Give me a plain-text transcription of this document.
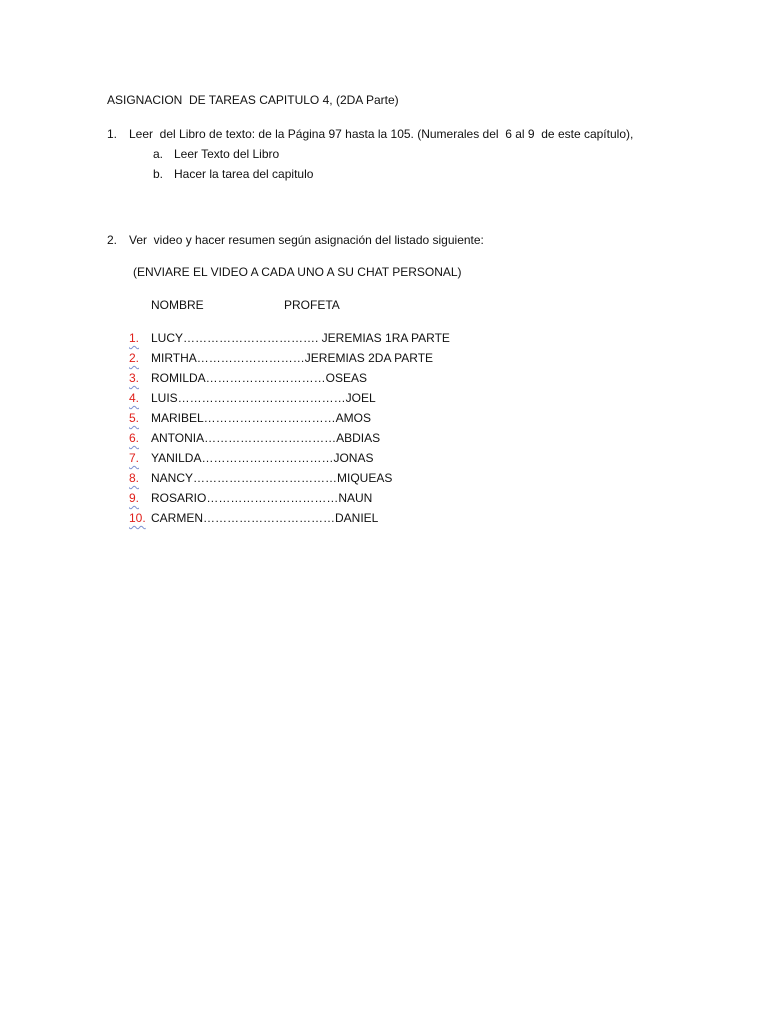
ASIGNACION  DE TAREAS CAPITULO 4, (2DA Parte)
1. Leer  del Libro de texto: de la Página 97 hasta la 105. (Numerales del  6 al 9  de este capítulo),
a. Leer Texto del Libro
b. Hacer la tarea del capitulo
2. Ver  video y hacer resumen según asignación del listado siguiente:
(ENVIARE EL VIDEO A CADA UNO A SU CHAT PERSONAL)
NOMBRE	PROFETA
1. LUCY……………………………. JEREMIAS 1RA PARTE
2. MIRTHA………………………JEREMIAS 2DA PARTE
3. ROMILDA…………………………OSEAS
4. LUIS……………………………………JOEL
5. MARIBEL……………………………AMOS
6. ANTONIA……………………………ABDIAS
7. YANILDA……………………………JONAS
8. NANCY………………………………MIQUEAS
9. ROSARIO……………………………NAUN
10. CARMEN……………………………DANIEL
